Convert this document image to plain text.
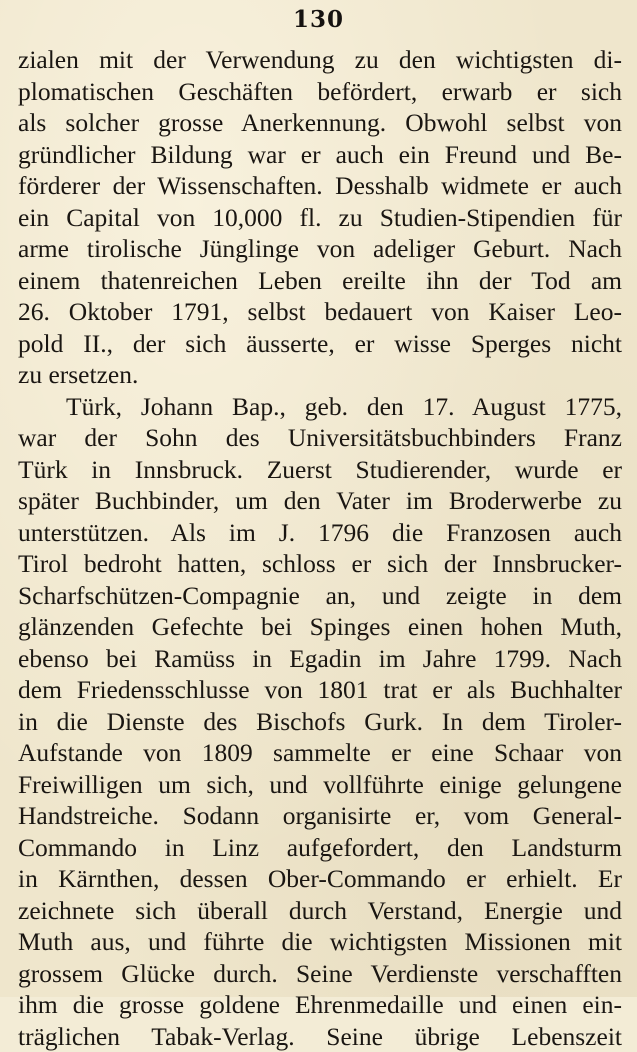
130
zialen mit der Verwendung zu den wichtigsten di-
plomatischen Geschäften befördert, erwarb er sich
als solcher grosse Anerkennung. Obwohl selbst von
gründlicher Bildung war er auch ein Freund und Be-
förderer der Wissenschaften. Desshalb widmete er auch
ein Capital von 10,000 fl. zu Studien-Stipendien für
arme tirolische Jünglinge von adeliger Geburt. Nach
einem thatenreichen Leben ereilte ihn der Tod am
26. Oktober 1791, selbst bedauert von Kaiser Leo-
pold II., der sich äusserte, er wisse Sperges nicht
zu ersetzen.
Türk, Johann Bap., geb. den 17. August 1775,
war der Sohn des Universitätsbuchbinders Franz
Türk in Innsbruck. Zuerst Studierender, wurde er
später Buchbinder, um den Vater im Broderwerbe zu
unterstützen. Als im J. 1796 die Franzosen auch
Tirol bedroht hatten, schloss er sich der Innsbrucker-
Scharfschützen-Compagnie an, und zeigte in dem
glänzenden Gefechte bei Spinges einen hohen Muth,
ebenso bei Ramüss in Egadin im Jahre 1799. Nach
dem Friedensschlusse von 1801 trat er als Buchhalter
in die Dienste des Bischofs Gurk. In dem Tiroler-
Aufstande von 1809 sammelte er eine Schaar von
Freiwilligen um sich, und vollführte einige gelungene
Handstreiche. Sodann organisirte er, vom General-
Commando in Linz aufgefordert, den Landsturm
in Kärnthen, dessen Ober-Commando er erhielt. Er
zeichnete sich überall durch Verstand, Energie und
Muth aus, und führte die wichtigsten Missionen mit
grossem Glücke durch. Seine Verdienste verschafften
ihm die grosse goldene Ehrenmedaille und einen ein-
träglichen Tabak-Verlag. Seine übrige Lebenszeit
